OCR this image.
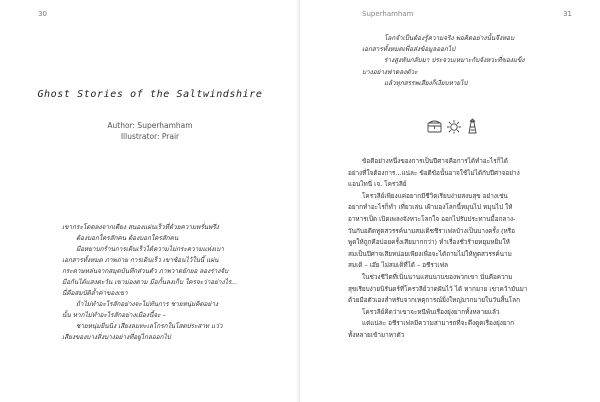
30
Ghost Stories of the Saltwindshire
Author: Superhamham
Illustrator: Prair
เขากระโดดลงจากเตียง สนองแผ่นเร็วที่ด้วยความพรั่นพรึง
ต้องบอกใครสักคน ต้องบอกใครสักคน
มือหยาบกร้านการเดินเร็วได้ความไม่กระความแห่งเบา
เอกสารทั้งหมด ภาพถ่าย การเดินเร็ว เขาซ้อนไว้ในนี้ แผ่น
กระดาษหล่นจากสมุดบันทึกส่วนตัว ภาพวาดยักยอ ลองร่างจับ
มือกันได้แสงตะวัน เขาม่องตาม มือกั้นลงเก็บ ใครจะว่าอย่างไร...
นี่คือสมบัติล้ำค่าของเขา
ถ้าไม่ทำอะไรสักอย่างจะไม่ทันการ ชายหนุ่มคิดอย่าง
นั้น หากไม่ทำอะไรสักอย่างเมืองนี้จะ –
ชายหนุ่มยืนนิ่ง เสียงลมทะเลโกรกในโสตประสาท แว่ว
เสียงของบางสิ่งบางอย่างที่อยู่ไกลออกไป
Superhamham	31
โลกจำเป็นต้องรู้ความจริง พอคิดอย่างนั้นจึงหอบ
เอกสารทั้งหมดเพื่อส่งข้อมูลออกไป
ร่างสูงหันกลับมา ประจวบเหมาะกับจังหวะที่ของแข็ง
บางอย่างฟาดลงตัวะ
แล้วทุกสรรพเสียงก็เงียบหายไป
ข้อดีอย่างหนึ่งของการเป็นปีศาจคือการได้ทำอะไรก็ได้
อย่างที่ใจต้องการ...แน่ละ ข้อดีข้อนั้นอาจใช้ไม่ได้กับปีศาจอย่าง
แอนไทนี่ เจ. โครวลีย์
โครวลีย์เพียงแค่อยากมีชีวิตเรียบง่ายสงบสุข อย่างเช่น
อยากทำอะไรก็ทำ เที่ยวเล่น เฝ้ามองโลกนี้หมุนไป หมุนไป ให้
อาหารเป็ด เปิดเพลงจังหวะโลกใจ ออกไปรับประทานมื้อกลาง-
วันกับอดีตทูตสวรรค์นามสมเดิชชีราเฟลบ้างเป็นบางครั้ง (หรือ
พูดให้ถูกคือบ่อยครั้งเสียมากกว่า) ทำเรื่องชั่วร้ายหยุมหยิมให้
สมเป็นปีศาจเสียหน่อยเพียงเพื่อจะได้ถามไม่ให้ทูตสวรรค์นาม
สมเดิ – เอ๊ย ไม่สมเดิที่ได้ – อชีราเฟล
ในช่วงชีวิตที่เนิ่นนานแสนนานของพวกเขา นั่นคือความ
สุขเรียบง่ายนิรันดร์ที่โครวลีย์วาดฝันไว้ ได้ หากมาย เขาคว้ามันมา
ด้วยมือตัวเองสำหรับจากเหตุการณ์ยิ่งใหญ่มากมายในวันสิ้นโลก
โครวลีย์คิดว่าเขาจะหนีพ้นเรื่องยุ่งยากทั้งหลายแล้ว
แต่แน่ละ อชีราเฟลมีความสามารถที่จะดึงดูดเรื่องยุ่งยาก
ทั้งหลายเข้ามาหาตัว
